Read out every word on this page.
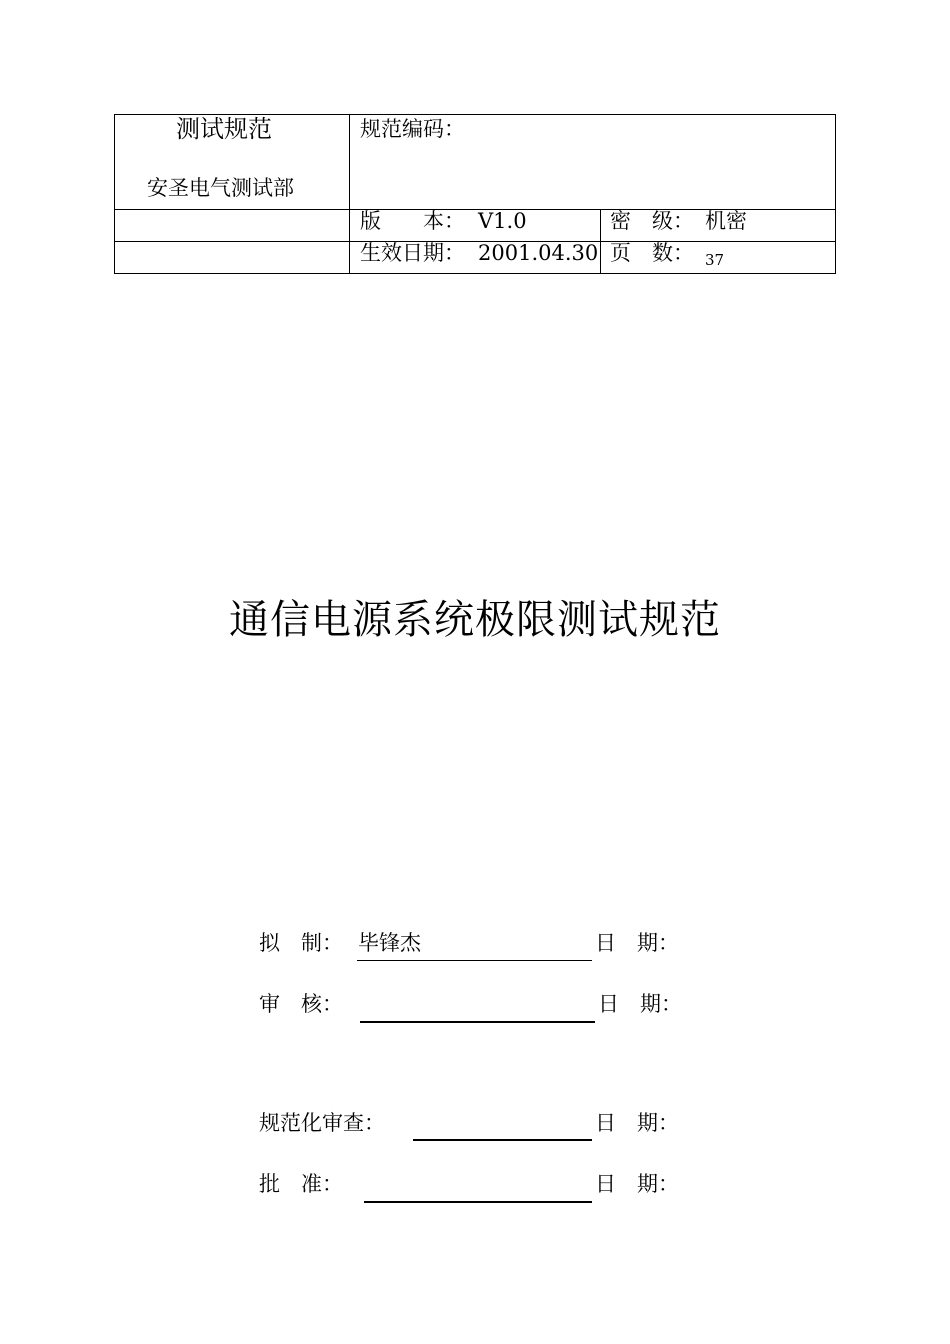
测试规范
安圣电气测试部
规范编码：
版　　本： V1.0	密　级： 机密
生效日期： 2001.04.30 页　数： 37
通信电源系统极限测试规范
拟　制： 毕锋杰	日　期：
审　核：	日　期：
规范化审查：	日　期：
批　准：	日　期：
